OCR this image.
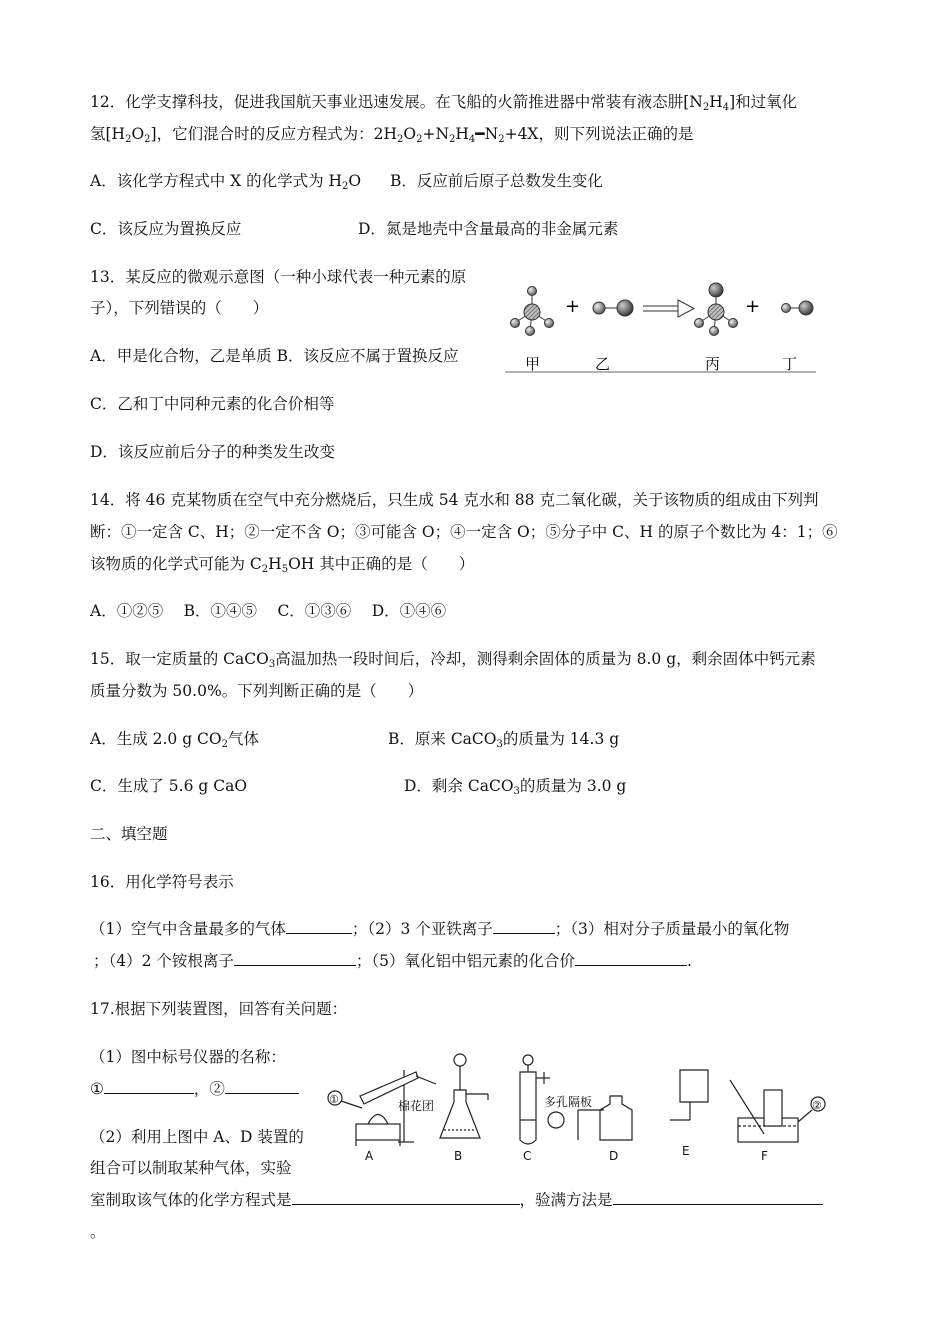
12．化学支撑科技，促进我国航天事业迅速发展。在飞船的火箭推进器中常装有液态肼$[N_2H_4]$和过氧化
氢$[H_2O_2]$，它们混合时的反应方程式为：$2H_2O_2+N_2H_4━N_2+4X$，则下列说法正确的是
A．该化学方程式中 X 的化学式为 $H_2O$ B．反应前后原子总数发生变化
C．该反应为置换反应	D．氮是地壳中含量最高的非金属元素
13．某反应的微观示意图（一种小球代表一种元素的原
子），下列错误的（　　）
A．甲是化合物，乙是单质 B．该反应不属于置换反应
C．乙和丁中同种元素的化合价相等
D．该反应前后分子的种类发生改变
+	+
甲	乙	丙	丁
14．将 46 克某物质在空气中充分燃烧后，只生成 54 克水和 88 克二氧化碳，关于该物质的组成由下列判
断：①一定含 C、H；②一定不含 O；③可能含 O；④一定含 O；⑤分子中 C、H 的原子个数比为 4：1；⑥
该物质的化学式可能为 $C_2H_5OH$ 其中正确的是（　　）
A．①②⑤　 B．①④⑤　 C．①③⑥　 D．①④⑥
15．取一定质量的 CaCO$_3$高温加热一段时间后，冷却，测得剩余固体的质量为 8.0 g，剩余固体中钙元素
质量分数为 50.0%。下列判断正确的是（　　）
A．生成 2.0 g $CO_2$气体	B．原来 CaCO$_3$的质量为 14.3 g
C．生成了 5.6 g CaO	D．剩余 CaCO$_3$的质量为 3.0 g
二、填空题
16．用化学符号表示
（1）空气中含量最多的气体	；（2）3 个亚铁离子	；（3）相对分子质量最小的氧化物
；（4）2 个铵根离子	；（5）氧化铝中铝元素的化合价	.
17.根据下列装置图，回答有关问题：
（1）图中标号仪器的名称：
①	，②
（2）利用上图中 A、D 装置的
组合可以制取某种气体，实验
室制取该气体的化学方程式是	，验满方法是
。
①	棉花团
A	B
多孔隔板
C	D	E
②
F
